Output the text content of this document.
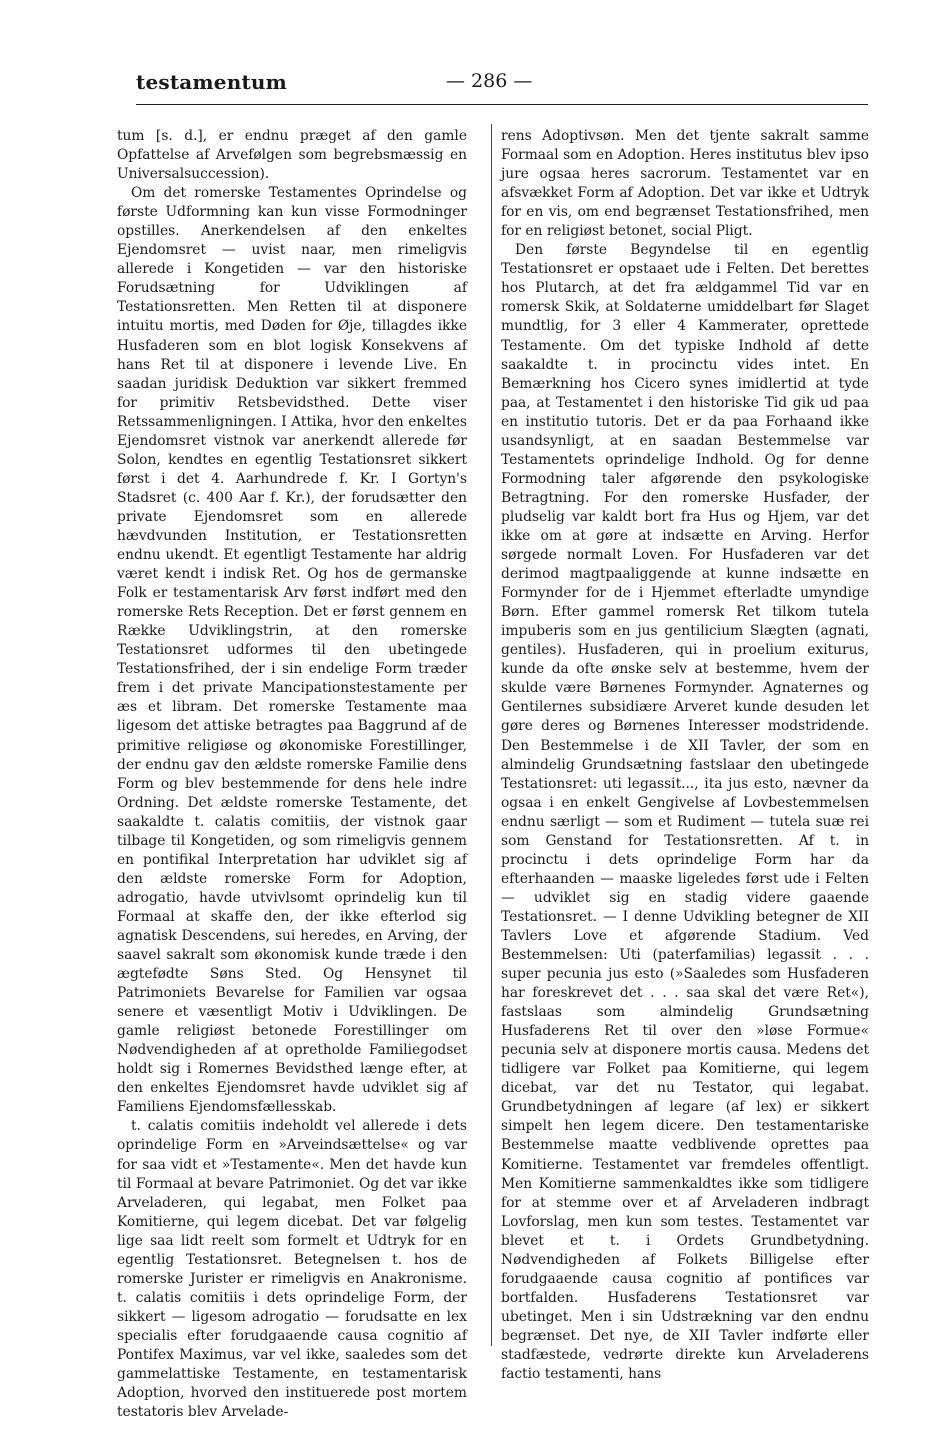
testamentum	— 286 —

tum [s. d.], er endnu præget af den gamle Opfattelse af Arvefølgen som begrebsmæssig en Universalsuccession).

Om det romerske Testamentes Oprindelse og første Udformning kan kun visse Formodninger opstilles. Anerkendelsen af den enkeltes Ejendomsret — uvist naar, men rimeligvis allerede i Kongetiden — var den historiske Forudsætning for Udviklingen af Testationsretten. Men Retten til at disponere intuitu mortis, med Døden for Øje, tillagdes ikke Husfaderen som en blot logisk Konsekvens af hans Ret til at disponere i levende Live. En saadan juridisk Deduktion var sikkert fremmed for primitiv Retsbevidsthed. Dette viser Retssammenligningen. I Attika, hvor den enkeltes Ejendomsret vistnok var anerkendt allerede før Solon, kendtes en egentlig Testationsret sikkert først i det 4. Aarhundrede f. Kr. I Gortyn's Stadsret (c. 400 Aar f. Kr.), der forudsætter den private Ejendomsret som en allerede hævdvunden Institution, er Testationsretten endnu ukendt. Et egentligt Testamente har aldrig været kendt i indisk Ret. Og hos de germanske Folk er testamentarisk Arv først indført med den romerske Rets Reception. Det er først gennem en Række Udviklingstrin, at den romerske Testationsret udformes til den ubetingede Testationsfrihed, der i sin endelige Form træder frem i det private Mancipationstestamente per æs et libram. Det romerske Testamente maa ligesom det attiske betragtes paa Baggrund af de primitive religiøse og økonomiske Forestillinger, der endnu gav den ældste romerske Familie dens Form og blev bestemmende for dens hele indre Ordning. Det ældste romerske Testamente, det saakaldte t. calatis comitiis, der vistnok gaar tilbage til Kongetiden, og som rimeligvis gennem en pontifikal Interpretation har udviklet sig af den ældste romerske Form for Adoption, adrogatio, havde utvivlsomt oprindelig kun til Formaal at skaffe den, der ikke efterlod sig agnatisk Descendens, sui heredes, en Arving, der saavel sakralt som økonomisk kunde træde i den ægtefødte Søns Sted. Og Hensynet til Patrimoniets Bevarelse for Familien var ogsaa senere et væsentligt Motiv i Udviklingen. De gamle religiøst betonede Forestillinger om Nødvendigheden af at opretholde Familiegodset holdt sig i Romernes Bevidsthed længe efter, at den enkeltes Ejendomsret havde udviklet sig af Familiens Ejendomsfællesskab.

t. calatis comitiis indeholdt vel allerede i dets oprindelige Form en »Arveindsættelse« og var for saa vidt et »Testamente«. Men det havde kun til Formaal at bevare Patrimoniet. Og det var ikke Arveladeren, qui legabat, men Folket paa Komitierne, qui legem dicebat. Det var følgelig lige saa lidt reelt som formelt et Udtryk for en egentlig Testationsret. Betegnelsen t. hos de romerske Jurister er rimeligvis en Anakronisme. t. calatis comitiis i dets oprindelige Form, der sikkert — ligesom adrogatio — forudsatte en lex specialis efter forudgaaende causa cognitio af Pontifex Maximus, var vel ikke, saaledes som det gammelattiske Testamente, en testamentarisk Adoption, hvorved den instituerede post mortem testatoris blev Arvelade-

rens Adoptivsøn. Men det tjente sakralt samme Formaal som en Adoption. Heres institutus blev ipso jure ogsaa heres sacrorum. Testamentet var en afsvækket Form af Adoption. Det var ikke et Udtryk for en vis, om end begrænset Testationsfrihed, men for en religiøst betonet, social Pligt.

Den første Begyndelse til en egentlig Testationsret er opstaaet ude i Felten. Det berettes hos Plutarch, at det fra ældgammel Tid var en romersk Skik, at Soldaterne umiddelbart før Slaget mundtlig, for 3 eller 4 Kammerater, oprettede Testamente. Om det typiske Indhold af dette saakaldte t. in procinctu vides intet. En Bemærkning hos Cicero synes imidlertid at tyde paa, at Testamentet i den historiske Tid gik ud paa en institutio tutoris. Det er da paa Forhaand ikke usandsynligt, at en saadan Bestemmelse var Testamentets oprindelige Indhold. Og for denne Formodning taler afgørende den psykologiske Betragtning. For den romerske Husfader, der pludselig var kaldt bort fra Hus og Hjem, var det ikke om at gøre at indsætte en Arving. Herfor sørgede normalt Loven. For Husfaderen var det derimod magtpaaliggende at kunne indsætte en Formynder for de i Hjemmet efterladte umyndige Børn. Efter gammel romersk Ret tilkom tutela impuberis som en jus gentilicium Slægten (agnati, gentiles). Husfaderen, qui in proelium exiturus, kunde da ofte ønske selv at bestemme, hvem der skulde være Børnenes Formynder. Agnaternes og Gentilernes subsidiære Arveret kunde desuden let gøre deres og Børnenes Interesser modstridende. Den Bestemmelse i de XII Tavler, der som en almindelig Grundsætning fastslaar den ubetingede Testationsret: uti legassit..., ita jus esto, nævner da ogsaa i en enkelt Gengivelse af Lovbestemmelsen endnu særligt — som et Rudiment — tutela suæ rei som Genstand for Testationsretten. Af t. in procinctu i dets oprindelige Form har da efterhaanden — maaske ligeledes først ude i Felten — udviklet sig en stadig videre gaaende Testationsret. — I denne Udvikling betegner de XII Tavlers Love et afgørende Stadium. Ved Bestemmelsen: Uti (paterfamilias) legassit . . . super pecunia jus esto (»Saaledes som Husfaderen har foreskrevet det . . . saa skal det være Ret«), fastslaas som almindelig Grundsætning Husfaderens Ret til over den »løse Formue« pecunia selv at disponere mortis causa. Medens det tidligere var Folket paa Komitierne, qui legem dicebat, var det nu Testator, qui legabat. Grundbetydningen af legare (af lex) er sikkert simpelt hen legem dicere. Den testamentariske Bestemmelse maatte vedblivende oprettes paa Komitierne. Testamentet var fremdeles offentligt. Men Komitierne sammenkaldtes ikke som tidligere for at stemme over et af Arveladeren indbragt Lovforslag, men kun som testes. Testamentet var blevet et t. i Ordets Grundbetydning. Nødvendigheden af Folkets Billigelse efter forudgaaende causa cognitio af pontifices var bortfalden. Husfaderens Testationsret var ubetinget. Men i sin Udstrækning var den endnu begrænset. Det nye, de XII Tavler indførte eller stadfæstede, vedrørte direkte kun Arveladerens factio testamenti, hans
